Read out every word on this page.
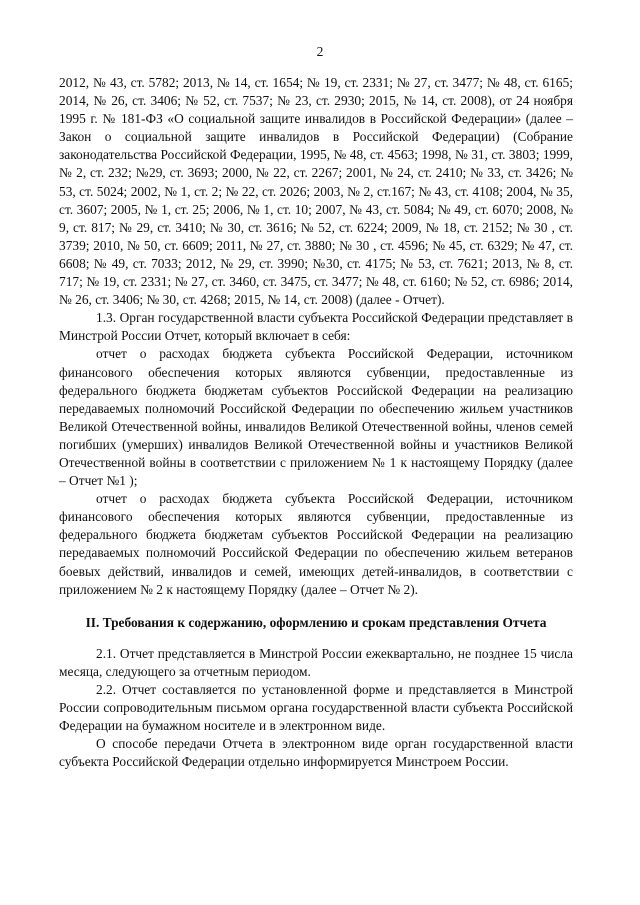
2

2012, № 43, ст. 5782; 2013, № 14, ст. 1654; № 19, ст. 2331; № 27, ст. 3477; № 48, ст. 6165; 2014, № 26, ст. 3406; № 52, ст. 7537; № 23, ст. 2930; 2015, № 14, ст. 2008), от 24 ноября 1995 г. № 181-ФЗ «О социальной защите инвалидов в Российской Федерации» (далее – Закон о социальной защите инвалидов в Российской Федерации) (Собрание законодательства Российской Федерации, 1995, № 48, ст. 4563; 1998, № 31, ст. 3803; 1999, № 2, ст. 232; №29, ст. 3693; 2000, № 22, ст. 2267; 2001, № 24, ст. 2410; № 33, ст. 3426; № 53, ст. 5024; 2002, № 1, ст. 2; № 22, ст. 2026; 2003, № 2, ст.167; № 43, ст. 4108; 2004, № 35, ст. 3607; 2005, № 1, ст. 25; 2006, № 1, ст. 10; 2007, № 43, ст. 5084; № 49, ст. 6070; 2008, № 9, ст. 817; № 29, ст. 3410; № 30, ст. 3616; № 52, ст. 6224; 2009, № 18, ст. 2152; № 30 , ст. 3739; 2010, № 50, ст. 6609; 2011, № 27, ст. 3880; № 30 , ст. 4596; № 45, ст. 6329; № 47, ст. 6608; № 49, ст. 7033; 2012, № 29, ст. 3990; №30, ст. 4175; № 53, ст. 7621; 2013, № 8, ст. 717; № 19, ст. 2331; № 27, ст. 3460, ст. 3475, ст. 3477; № 48, ст. 6160; № 52, ст. 6986; 2014, № 26, ст. 3406; № 30, ст. 4268; 2015, № 14, ст. 2008) (далее - Отчет).

1.3. Орган государственной власти субъекта Российской Федерации представляет в Минстрой России Отчет, который включает в себя:

отчет о расходах бюджета субъекта Российской Федерации, источником финансового обеспечения которых являются субвенции, предоставленные из федерального бюджета бюджетам субъектов Российской Федерации на реализацию передаваемых полномочий Российской Федерации по обеспечению жильем участников Великой Отечественной войны, инвалидов Великой Отечественной войны, членов семей погибших (умерших) инвалидов Великой Отечественной войны и участников Великой Отечественной войны в соответствии с приложением № 1 к настоящему Порядку (далее – Отчет №1 );

отчет о расходах бюджета субъекта Российской Федерации, источником финансового обеспечения которых являются субвенции, предоставленные из федерального бюджета бюджетам субъектов Российской Федерации на реализацию передаваемых полномочий Российской Федерации по обеспечению жильем ветеранов боевых действий, инвалидов и семей, имеющих детей-инвалидов, в соответствии с приложением № 2 к настоящему Порядку (далее – Отчет № 2).

II. Требования к содержанию, оформлению и срокам представления Отчета

2.1. Отчет представляется в Минстрой России ежеквартально, не позднее 15 числа месяца, следующего за отчетным периодом.

2.2. Отчет составляется по установленной форме и представляется в Минстрой России сопроводительным письмом органа государственной власти субъекта Российской Федерации на бумажном носителе и в электронном виде.

О способе передачи Отчета в электронном виде орган государственной власти субъекта Российской Федерации отдельно информируется Минстроем России.
